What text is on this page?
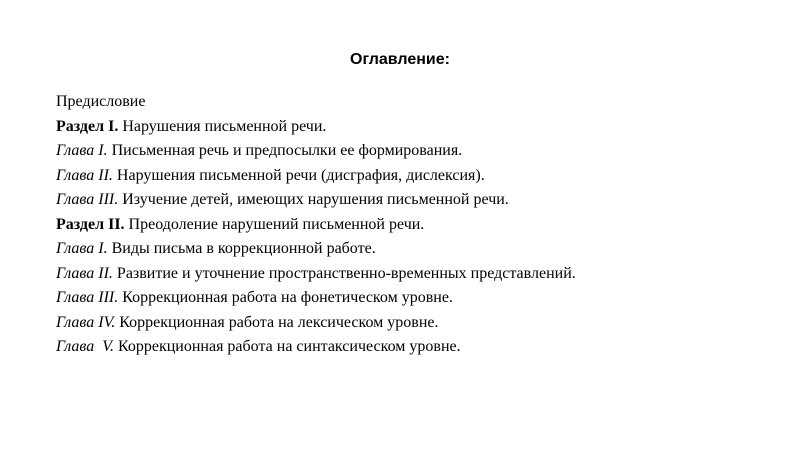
Оглавление:
Предисловие
Раздел I. Нарушения письменной речи.
Глава I. Письменная речь и предпосылки ее формирования.
Глава II. Нарушения письменной речи (дисграфия, дислексия).
Глава III. Изучение детей, имеющих нарушения письменной речи.
Раздел II. Преодоление нарушений письменной речи.
Глава I. Виды письма в коррекционной работе.
Глава II. Развитие и уточнение пространственно-временных представлений.
Глава III. Коррекционная работа на фонетическом уровне.
Глава IV. Коррекционная работа на лексическом уровне.
Глава  V. Коррекционная работа на синтаксическом уровне.
